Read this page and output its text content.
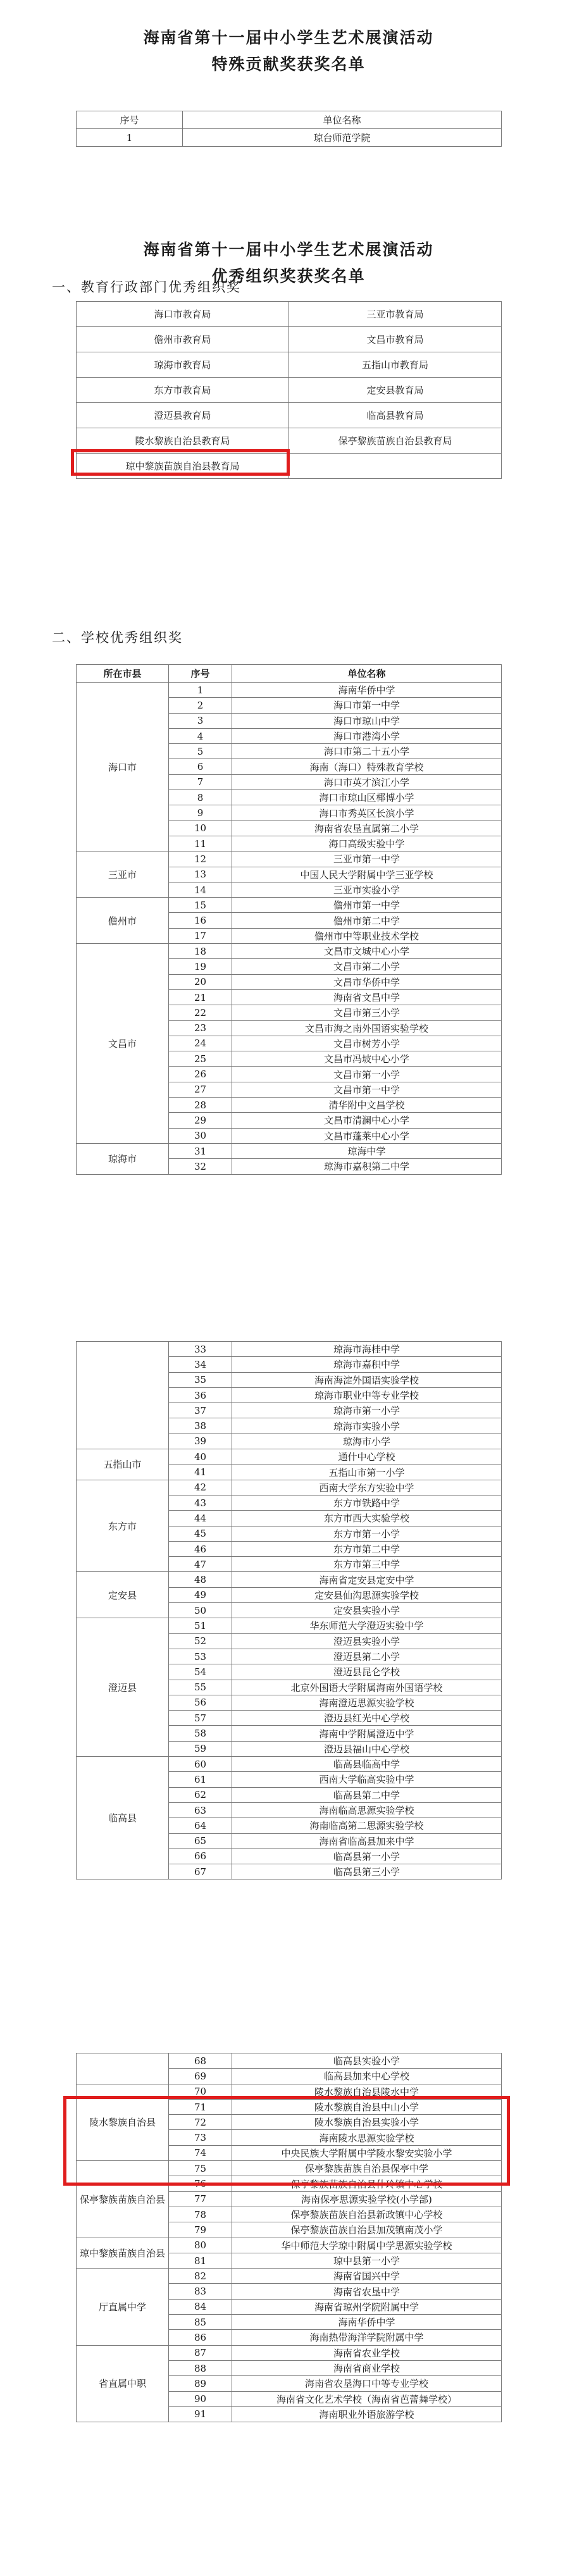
海南省第十一届中小学生艺术展演活动
特殊贡献奖获奖名单
序号	单位名称
1	琼台师范学院
海南省第十一届中小学生艺术展演活动
优秀组织奖获奖名单
一、教育行政部门优秀组织奖
海口市教育局	三亚市教育局
儋州市教育局	文昌市教育局
琼海市教育局	五指山市教育局
东方市教育局	定安县教育局
澄迈县教育局	临高县教育局
陵水黎族自治县教育局	保亭黎族苗族自治县教育局
琼中黎族苗族自治县教育局	
二、学校优秀组织奖
所在市县	序号	单位名称
海口市	1	海南华侨中学
	2	海口市第一中学
	3	海口市琼山中学
	4	海口市港湾小学
	5	海口市第二十五小学
	6	海南（海口）特殊教育学校
	7	海口市英才滨江小学
	8	海口市琼山区椰博小学
	9	海口市秀英区长滨小学
	10	海南省农垦直属第二小学
	11	海口高级实验中学
三亚市	12	三亚市第一中学
	13	中国人民大学附属中学三亚学校
	14	三亚市实验小学
儋州市	15	儋州市第一中学
	16	儋州市第二中学
	17	儋州市中等职业技术学校
文昌市	18	文昌市文城中心小学
	19	文昌市第二小学
	20	文昌市华侨中学
	21	海南省文昌中学
	22	文昌市第三小学
	23	文昌市海之南外国语实验学校
	24	文昌市树芳小学
	25	文昌市冯坡中心小学
	26	文昌市第一小学
	27	文昌市第一中学
	28	清华附中文昌学校
	29	文昌市清澜中心小学
	30	文昌市蓬莱中心小学
琼海市	31	琼海中学
	32	琼海市嘉积第二中学
	33	琼海市海桂中学
	34	琼海市嘉积中学
	35	海南海淀外国语实验学校
	36	琼海市职业中等专业学校
	37	琼海市第一小学
	38	琼海市实验小学
	39	琼海市小学
五指山市	40	通什中心学校
	41	五指山市第一小学
东方市	42	西南大学东方实验中学
	43	东方市铁路中学
	44	东方市西大实验学校
	45	东方市第一小学
	46	东方市第二中学
	47	东方市第三中学
定安县	48	海南省定安县定安中学
	49	定安县仙沟思源实验学校
	50	定安县实验小学
澄迈县	51	华东师范大学澄迈实验中学
	52	澄迈县实验小学
	53	澄迈县第二小学
	54	澄迈县昆仑学校
	55	北京外国语大学附属海南外国语学校
	56	海南澄迈思源实验学校
	57	澄迈县红光中心学校
	58	海南中学附属澄迈中学
	59	澄迈县福山中心学校
临高县	60	临高县临高中学
	61	西南大学临高实验中学
	62	临高县第二中学
	63	海南临高思源实验学校
	64	海南临高第二思源实验学校
	65	海南省临高县加来中学
	66	临高县第一小学
	67	临高县第三小学
	68	临高县实验小学
	69	临高县加来中心学校
陵水黎族自治县	70	陵水黎族自治县陵水中学
	71	陵水黎族自治县中山小学
	72	陵水黎族自治县实验小学
	73	海南陵水思源实验学校
	74	中央民族大学附属中学陵水黎安实验小学
保亭黎族苗族自治县	75	保亭黎族苗族自治县保亭中学
	76	保亭黎族苗族自治县什玲镇中心学校
	77	海南保亭思源实验学校(小学部)
	78	保亭黎族苗族自治县新政镇中心学校
	79	保亭黎族苗族自治县加茂镇南茂小学
琼中黎族苗族自治县	80	华中师范大学琼中附属中学思源实验学校
	81	琼中县第一小学
厅直属中学	82	海南省国兴中学
	83	海南省农垦中学
	84	海南省琼州学院附属中学
	85	海南华侨中学
	86	海南热带海洋学院附属中学
省直属中职	87	海南省农业学校
	88	海南省商业学校
	89	海南省农垦海口中等专业学校
	90	海南省文化艺术学校（海南省芭蕾舞学校）
	91	海南职业外语旅游学校
